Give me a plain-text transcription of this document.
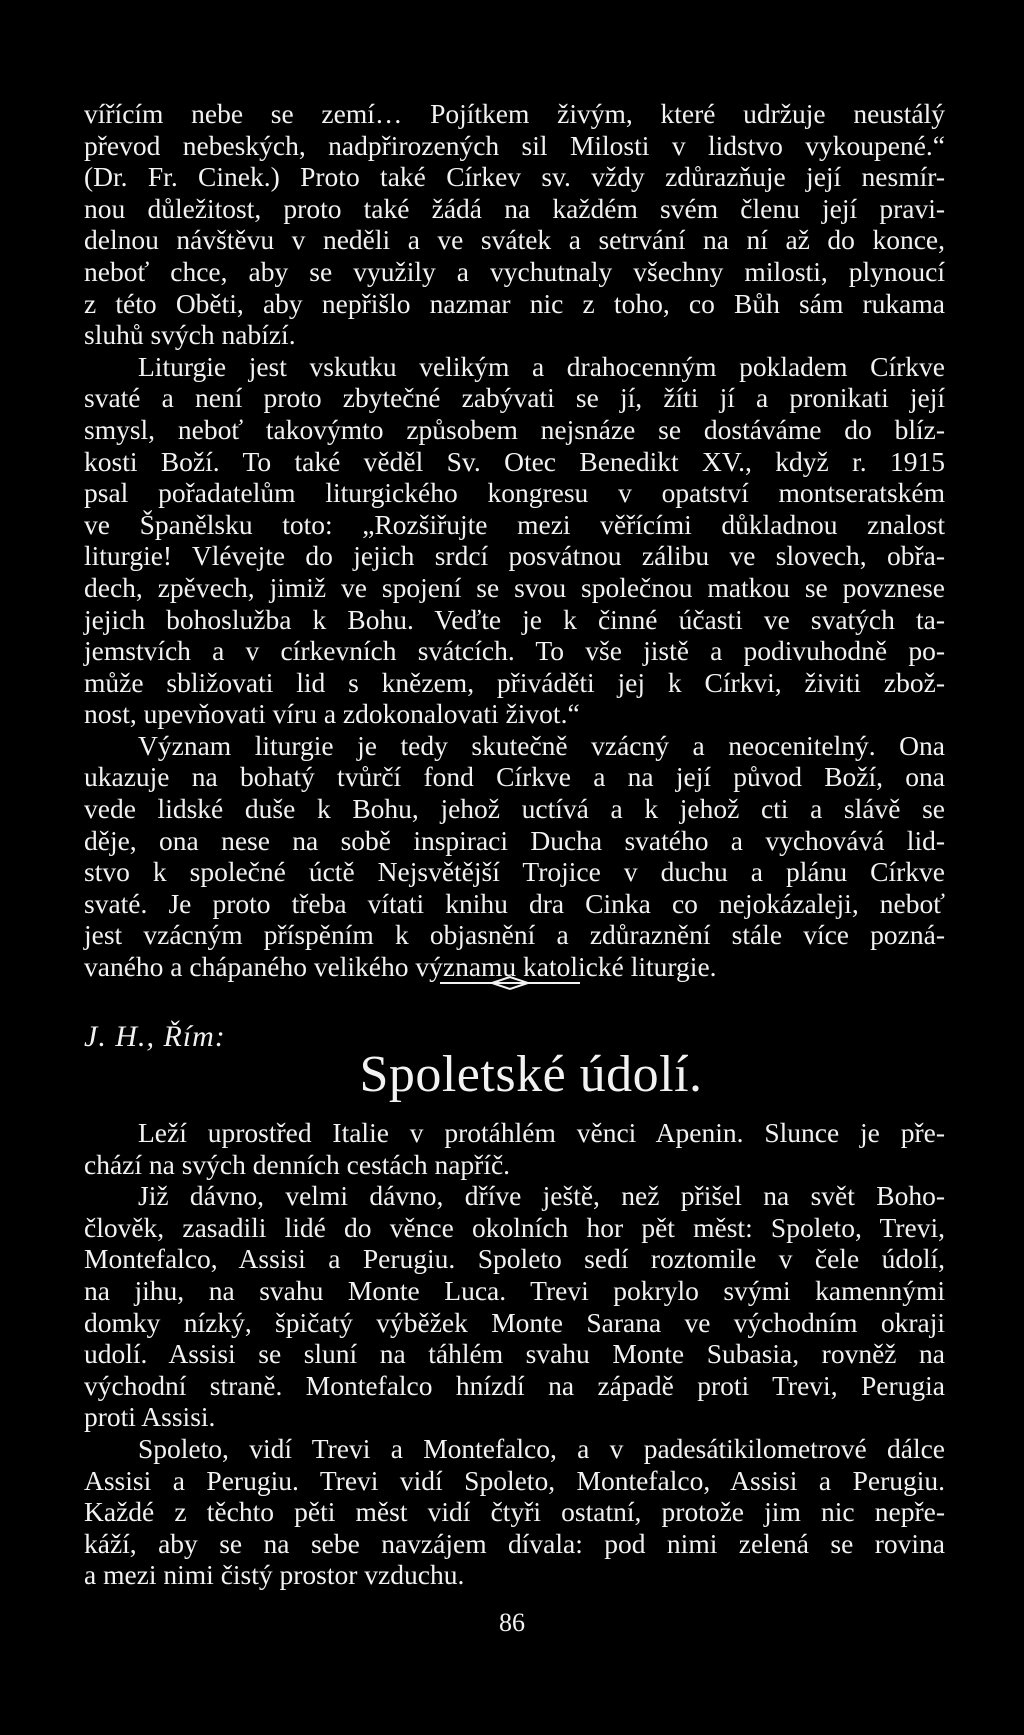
vířícím nebe se zemí… Pojítkem živým, které udržuje neustálý
převod nebeských, nadpřirozených sil Milosti v lidstvo vykoupené.“
(Dr. Fr. Cinek.) Proto také Církev sv. vždy zdůrazňuje její nesmír-
nou důležitost, proto také žádá na každém svém členu její pravi-
delnou návštěvu v neděli a ve svátek a setrvání na ní až do konce,
neboť chce, aby se využily a vychutnaly všechny milosti, plynoucí
z této Oběti, aby nepřišlo nazmar nic z toho, co Bůh sám rukama
sluhů svých nabízí.

Liturgie jest vskutku velikým a drahocenným pokladem Církve
svaté a není proto zbytečné zabývati se jí, žíti jí a pronikati její
smysl, neboť takovýmto způsobem nejsnáze se dostáváme do blíz-
kosti Boží. To také věděl Sv. Otec Benedikt XV., když r. 1915
psal pořadatelům liturgického kongresu v opatství montseratském
ve Španělsku toto: „Rozšiřujte mezi věřícími důkladnou znalost
liturgie! Vlévejte do jejich srdcí posvátnou zálibu ve slovech, obřa-
dech, zpěvech, jimiž ve spojení se svou společnou matkou se povznese
jejich bohoslužba k Bohu. Veďte je k činné účasti ve svatých ta-
jemstvích a v církevních svátcích. To vše jistě a podivuhodně po-
může sbližovati lid s knězem, přiváděti jej k Církvi, živiti zbož-
nost, upevňovati víru a zdokonalovati život.“

Význam liturgie je tedy skutečně vzácný a neocenitelný. Ona
ukazuje na bohatý tvůrčí fond Církve a na její původ Boží, ona
vede lidské duše k Bohu, jehož uctívá a k jehož cti a slávě se
děje, ona nese na sobě inspiraci Ducha svatého a vychovává lid-
stvo k společné úctě Nejsvětější Trojice v duchu a plánu Církve
svaté. Je proto třeba vítati knihu dra Cinka co nejokázaleji, neboť
jest vzácným příspěním k objasnění a zdůraznění stále více pozná-
vaného a chápaného velikého významu katolické liturgie.

J. H., Řím:
Spoletské údolí.

Leží uprostřed Italie v protáhlém věnci Apenin. Slunce je pře-
chází na svých denních cestách napříč.

Již dávno, velmi dávno, dříve ještě, než přišel na svět Boho-
člověk, zasadili lidé do věnce okolních hor pět měst: Spoleto, Trevi,
Montefalco, Assisi a Perugiu. Spoleto sedí roztomile v čele údolí,
na jihu, na svahu Monte Luca. Trevi pokrylo svými kamennými
domky nízký, špičatý výběžek Monte Sarana ve východním okraji
udolí. Assisi se sluní na táhlém svahu Monte Subasia, rovněž na
východní straně. Montefalco hnízdí na západě proti Trevi, Perugia
proti Assisi.

Spoleto, vidí Trevi a Montefalco, a v padesátikilometrové dálce
Assisi a Perugiu. Trevi vidí Spoleto, Montefalco, Assisi a Perugiu.
Každé z těchto pěti měst vidí čtyři ostatní, protože jim nic nepře-
káží, aby se na sebe navzájem dívala: pod nimi zelená se rovina
a mezi nimi čistý prostor vzduchu.

86
